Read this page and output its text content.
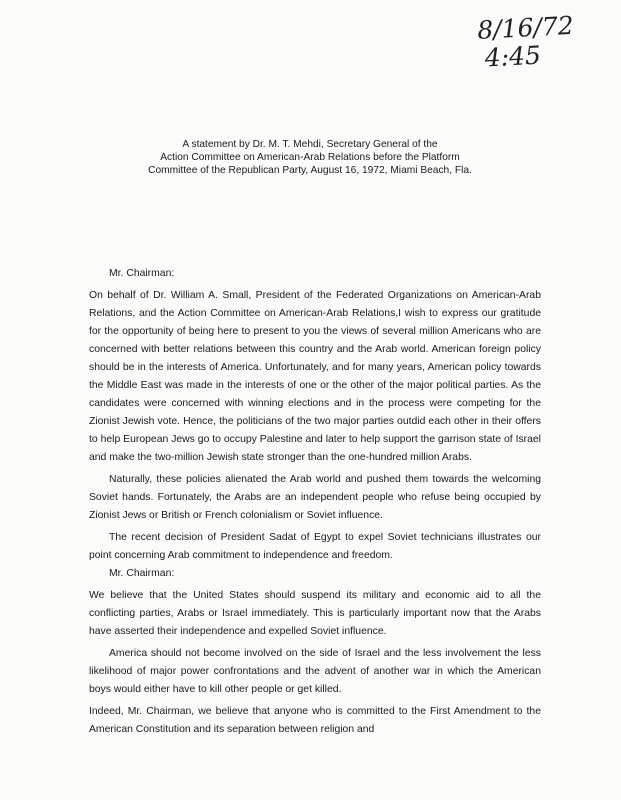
8/16/72
4:45
A statement by Dr. M. T. Mehdi, Secretary General of the
Action Committee on American-Arab Relations before the Platform
Committee of the Republican Party, August 16, 1972, Miami Beach, Fla.
Mr. Chairman:

On behalf of Dr. William A. Small, President of the Federated Organizations on American-Arab Relations, and the Action Committee on American-Arab Relations,I wish to express our gratitude for the opportunity of being here to present to you the views of several million Americans who are concerned with better relations between this country and the Arab world. American foreign policy should be in the interests of America. Unfortunately, and for many years, American policy towards the Middle East was made in the interests of one or the other of the major political parties. As the candidates were concerned with winning elections and in the process were competing for the Zionist Jewish vote. Hence, the politicians of the two major parties outdid each other in their offers to help European Jews go to occupy Palestine and later to help support the garrison state of Israel and make the two-million Jewish state stronger than the one-hundred million Arabs.

Naturally, these policies alienated the Arab world and pushed them towards the welcoming Soviet hands. Fortunately, the Arabs are an independent people who refuse being occupied by Zionist Jews or British or French colonialism or Soviet influence.

The recent decision of President Sadat of Egypt to expel Soviet technicians illustrates our point concerning Arab commitment to independence and freedom.

Mr. Chairman:

We believe that the United States should suspend its military and economic aid to all the conflicting parties, Arabs or Israel immediately. This is particularly important now that the Arabs have asserted their independence and expelled Soviet influence.

America should not become involved on the side of Israel and the less involvement the less likelihood of major power confrontations and the advent of another war in which the American boys would either have to kill other people or get killed.

Indeed, Mr. Chairman, we believe that anyone who is committed to the First Amendment to the American Constitution and its separation between religion and
